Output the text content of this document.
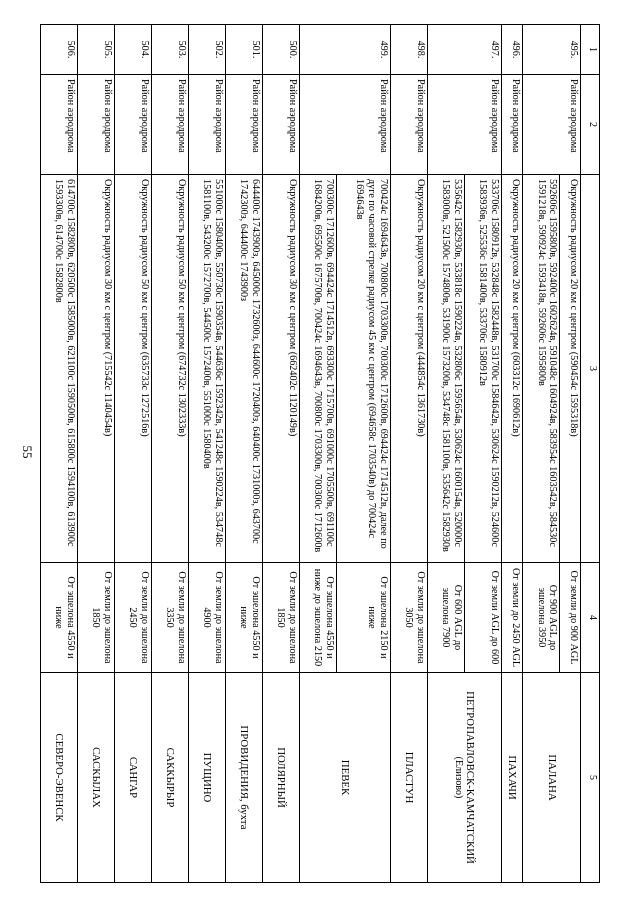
55
1	2	3	4	5
495.	Район аэродрома	Окружность радиусом 20 км с центром (590454с 1595318в)	От земли до 900 AGL	ПАЛАНА
		592606с 1595800в, 592400с 1602624в, 591048с 1604924в, 583954с 1603542в, 584530с 1591218в, 590924с 1593418в, 592606с 1595800в	От 900 AGL до эшелона 3950	
496.	Район аэродрома	Окружность радиусом 20 км с центром (603312с 1690612в)	От земли до 2450 AGL	ПАХАЧИ
497.	Район аэродрома	533706с 1580912в, 532848с 1582448в, 531700с 1584642в, 530624с 1590212в, 524600с 1583936в, 525536с 1581400в, 533706с 1580912в	От земли AGL до 600	ПЕТРОПАВЛОВСК-КАМЧАТСКИЙ
(Елизово)

		535642с 1582930в, 533818с 1590224в, 532806с 1595654в, 530624с 1600154в, 520000с 1583000в, 521500с 1574800в, 531900с 1573200в, 534748с 1581100в, 535642с 1582930в	От 600 AGL до эшелона 7900	
498.	Район аэродрома	Окружность радиусом 20 км с центром (444854с 1361730в)	От земли до эшелона 3050	ПЛАСТУН
499.	Район аэродрома	700424с 1694643в, 700800с 1703300в, 700300с 1712600в, 694424с 1714512в, далее по дуге по часовой стрелке радиусом 45 км с центром (694658с 1703540в) до 700424с 1694643в	От эшелона 2150 и ниже	ПЕВЕК
		700300с 1712600в, 694424с 1714512в, 693300с 1715700в, 691000с 1705500в, 691100с 1684200в, 695500с 1675700в, 700424с 1694643в, 700800с 1703300в, 700300с 1712600в	От эшелона 4550 и ниже до эшелона 2150	
500.	Район аэродрома	Окружность радиусом 30 км с центром (662402с 1120149в)	От земли до эшелона 1850	ПОЛЯРНЫЙ
501.	Район аэродрома	644400с 1743900з, 645000с 1732600з, 644600с 1720400з, 640400с 1731000з, 643700с 1742300з, 644400с 1743900з	От эшелона 4550 и ниже	ПРОВИДЕНИЯ, бухта
502.	Район аэродрома	551000с 1580400в, 550730с 1590354в, 544636с 1592342в, 541248с 1590224в, 534748с 1581100в, 543200с 1572700в, 544500с 1572400в, 551000с 1580400в	От земли до эшелона 4900	ПУЩИНО
503.	Район аэродрома	Окружность радиусом 50 км с центром (674732с 1302333в)	От земли до эшелона 3350	САККЫРЫР
504.	Район аэродрома	Окружность радиусом 50 км с центром (635733с 1272516в)	От земли до эшелона 2450	САНГАР
505.	Район аэродрома	Окружность радиусом 30 км с центром (715542с 1140454в)	От земли до эшелона 1850	САСКЫЛАХ
506.	Район аэродрома	614700с 1582800в, 620500с 1585000в, 621100с 1590500в, 615800с 1594100в, 613900с 1593300в, 614700с 1582800в	От эшелона 4550 и ниже	СЕВЕРО-ЭВЕНСК
